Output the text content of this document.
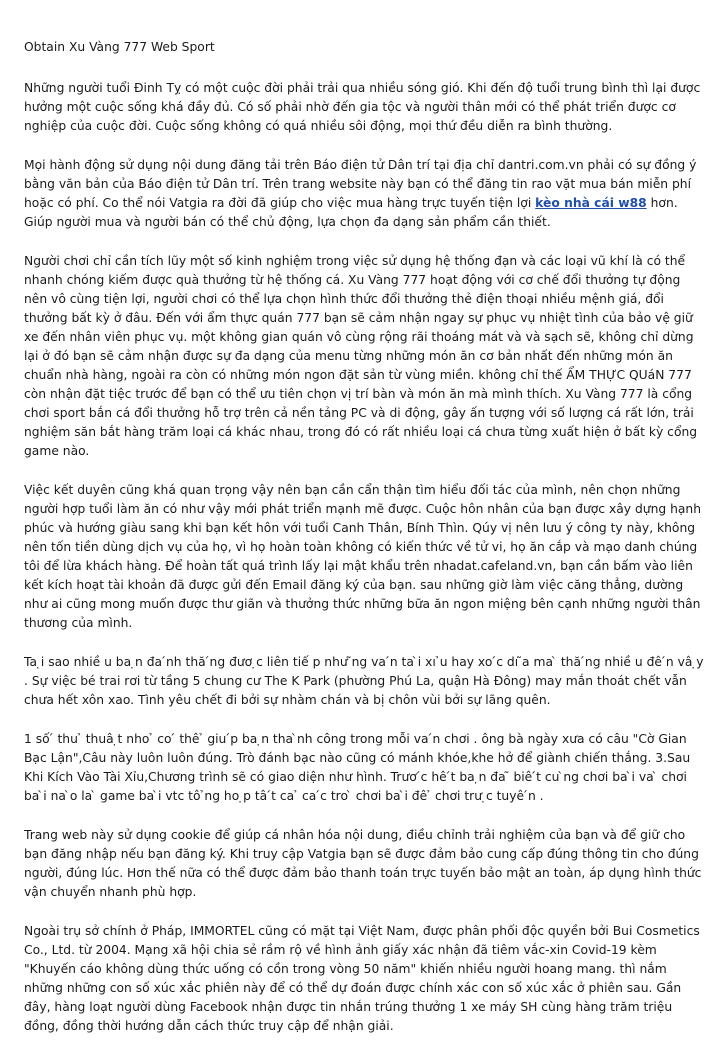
Obtain Xu Vàng 777 Web Sport

Những người tuổi Đinh Tỵ có một cuộc đời phải trải qua nhiều sóng gió. Khi đến độ tuổi trung bình thì lại được hưởng một cuộc sống khá đầy đủ. Có số phải nhờ đến gia tộc và người thân mới có thể phát triển được cơ nghiệp của cuộc đời. Cuộc sống không có quá nhiều sôi động, mọi thứ đều diễn ra bình thường.

Mọi hành động sử dụng nội dung đăng tải trên Báo điện tử Dân trí tại địa chỉ dantri.com.vn phải có sự đồng ý bằng văn bản của Báo điện tử Dân trí. Trên trang website này bạn có thể đăng tin rao vặt mua bán miễn phí hoặc có phí. Co thể nói Vatgia ra đời đã giúp cho việc mua hàng trực tuyến tiện lợi kèo nhà cái w88 hơn. Giúp người mua và người bán có thể chủ động, lựa chọn đa dạng sản phẩm cần thiết.

Người chơi chỉ cần tích lũy một số kinh nghiệm trong việc sử dụng hệ thống đạn và các loại vũ khí là có thể nhanh chóng kiếm được quà thưởng từ hệ thống cá. Xu Vàng 777 hoạt động với cơ chế đổi thưởng tự động nên vô cùng tiện lợi, người chơi có thể lựa chọn hình thức đổi thưởng thẻ điện thoại nhiều mệnh giá, đổi thưởng bất kỳ ở đâu. Đến với ẩm thực quán 777 bạn sẽ cảm nhận ngay sự phục vụ nhiệt tình của bảo vệ giữ xe đến nhân viên phục vụ. một không gian quán vô cùng rộng rãi thoáng mát và và sạch sẽ, không chỉ dừng lại ở đó bạn sẽ cảm nhận được sự đa dạng của menu từng những món ăn cơ bản nhất đến những món ăn chuẩn nhà hàng, ngoài ra còn có những món ngon đặt sản từ vùng miền. không chỉ thế ẨM THỰC QUáN 777 còn nhận đặt tiệc trước để bạn có thể ưu tiên chọn vị trí bàn và món ăn mà mình thích. Xu Vàng 777 là cổng chơi sport bắn cá đổi thưởng hỗ trợ trên cả nền tảng PC và di động, gây ấn tượng với số lượng cá rất lớn, trải nghiệm săn bắt hàng trăm loại cá khác nhau, trong đó có rất nhiều loại cá chưa từng xuất hiện ở bất kỳ cổng game nào.

Việc kết duyên cũng khá quan trọng vậy nên bạn cần cẩn thận tìm hiểu đối tác của mình, nên chọn những người hợp tuổi làm ăn có như vậy mới phát triển mạnh mẽ được. Cuộc hôn nhân của bạn được xây dựng hạnh phúc và hướng giàu sang khi bạn kết hôn với tuổi Canh Thân, Bính Thìn. Qúy vị nên lưu ý công ty này, không nên tốn tiền dùng dịch vụ của họ, vì họ hoàn toàn không có kiến thức về tử vi, họ ăn cắp và mạo danh chúng tôi để lừa khách hàng. Để hoàn tất quá trình lấy lại mật khẩu trên nhadat.cafeland.vn, bạn cần bấm vào liên kết kích hoạt tài khoản đã được gửi đến Email đăng ký của bạn. sau những giờ làm việc căng thẳng, dường như ai cũng mong muốn được thư giãn và thưởng thức những bữa ăn ngon miệng bên cạnh những người thân thương của mình.

Ta ̣i sao nhiề u ba ̣n đa ́nh thă ́ng đươ ̣c liên tiế p như ̃ng va ́n ta ̀i xı ̉u hay xo ́c dı ̃a ma ̀ thă ́ng nhiề u đê ́n vâ ̣y . Sự việc bé trai rơi từ tầng 5 chung cư The K Park (phường Phú La, quận Hà Đông) may mắn thoát chết vẫn chưa hết xôn xao. Tình yêu chết đi bởi sự nhàm chán và bị chôn vùi bởi sự lãng quên.

1 số ́ thu ̉ thuâ ̣t nho ̉ co ́ thê ̉ giu ́p ba ̣n tha ̀nh công trong mỗi va ́n chơi . ông bà ngày xưa có câu "Cờ Gian Bạc Lận",Câu này luôn luôn đúng. Trò đánh bạc nào cũng có mánh khóe,khe hở để giành chiến thắng. 3.Sau Khi Kích Vào Tài Xỉu,Chương trình sẽ có giao diện như hình. Trươ ́c hê ́t ba ̣n đa ̃ biê ́t cu ̀ng chơi ba ̀i va ̀ chơi ba ̀i na ̀o la ̀ game ba ̀i vtc tô ̉ng ho ̣p tâ ́t ca ̉ ca ́c tro ̀ chơi ba ̀i đê ̉ chơi trư ̣c tuyê ́n .

Trang web này sử dụng cookie để giúp cá nhân hóa nội dung, điều chỉnh trải nghiệm của bạn và để giữ cho bạn đăng nhập nếu bạn đăng ký. Khi truy cập Vatgia bạn sẽ được đảm bảo cung cấp đúng thông tin cho đúng người, đúng lúc. Hơn thế nữa có thể được đảm bảo thanh toán trực tuyến bảo mật an toàn, áp dụng hình thức vận chuyển nhanh phù hợp.

Ngoài trụ sở chính ở Pháp, IMMORTEL cũng có mặt tại Việt Nam, được phân phối độc quyền bởi Bui Cosmetics Co., Ltd. từ 2004. Mạng xã hội chia sẻ rầm rộ về hình ảnh giấy xác nhận đã tiêm vắc-xin Covid-19 kèm "Khuyến cáo không dùng thức uống có cồn trong vòng 50 năm" khiến nhiều người hoang mang. thì nắm những những con số xúc xắc phiên này để có thể dự đoán được chính xác con số xúc xắc ở phiên sau. Gần đây, hàng loạt người dùng Facebook nhận được tin nhắn trúng thưởng 1 xe máy SH cùng hàng trăm triệu đồng, đồng thời hướng dẫn cách thức truy cập để nhận giải.
